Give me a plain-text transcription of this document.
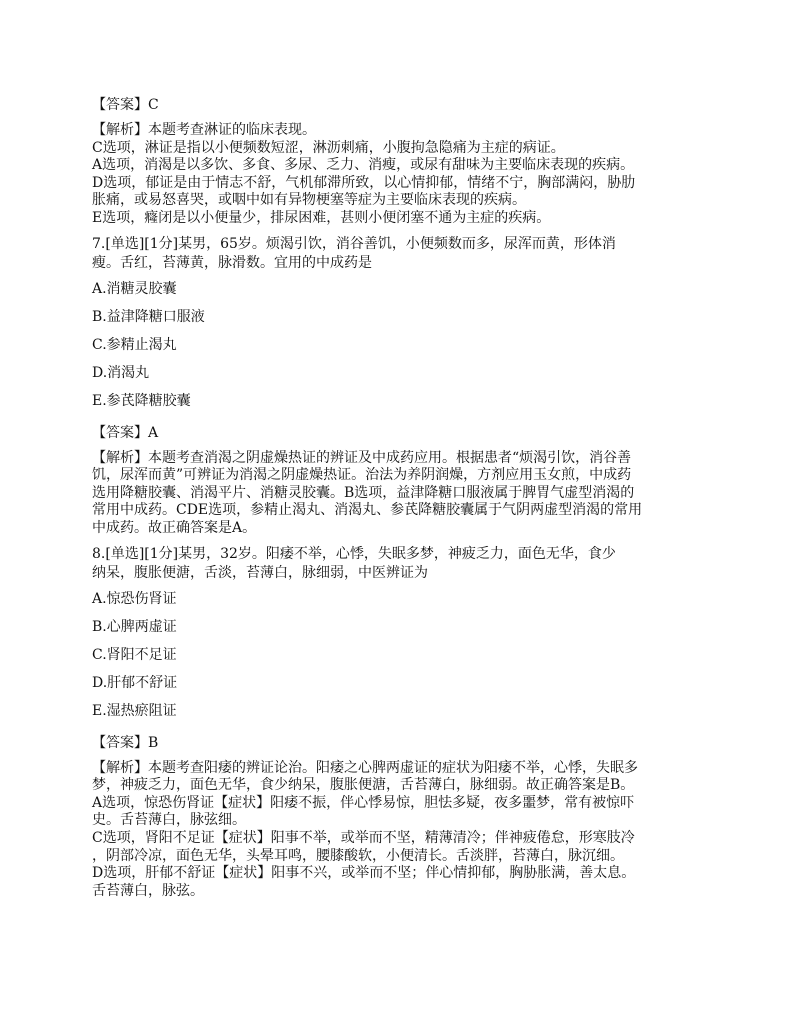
【答案】C
【解析】本题考查淋证的临床表现。
C选项，淋证是指以小便频数短涩，淋沥刺痛，小腹拘急隐痛为主症的病证。
A选项，消渴是以多饮、多食、多尿、乏力、消瘦，或尿有甜味为主要临床表现的疾病。
D选项，郁证是由于情志不舒，气机郁滞所致，以心情抑郁，情绪不宁，胸部满闷，胁肋
胀痛，或易怒喜哭，或咽中如有异物梗塞等症为主要临床表现的疾病。
E选项，癃闭是以小便量少，排尿困难，甚则小便闭塞不通为主症的疾病。
7.[单选][1分]某男，65岁。烦渴引饮，消谷善饥，小便频数而多，尿浑而黄，形体消
瘦。舌红，苔薄黄，脉滑数。宜用的中成药是
A.消糖灵胶囊
B.益津降糖口服液
C.参精止渴丸
D.消渴丸
E.参芪降糖胶囊
【答案】A
【解析】本题考查消渴之阴虚燥热证的辨证及中成药应用。根据患者“烦渴引饮，消谷善
饥，尿浑而黄”可辨证为消渴之阴虚燥热证。治法为养阴润燥，方剂应用玉女煎，中成药
选用降糖胶囊、消渴平片、消糖灵胶囊。B选项，益津降糖口服液属于脾胃气虚型消渴的
常用中成药。CDE选项，参精止渴丸、消渴丸、参芪降糖胶囊属于气阴两虚型消渴的常用
中成药。故正确答案是A。
8.[单选][1分]某男，32岁。阳痿不举，心悸，失眠多梦，神疲乏力，面色无华，食少
纳呆，腹胀便溏，舌淡，苔薄白，脉细弱，中医辨证为
A.惊恐伤肾证
B.心脾两虚证
C.肾阳不足证
D.肝郁不舒证
E.湿热瘀阻证
【答案】B
【解析】本题考查阳痿的辨证论治。阳痿之心脾两虚证的症状为阳痿不举，心悸，失眠多
梦，神疲乏力，面色无华，食少纳呆，腹胀便溏，舌苔薄白，脉细弱。故正确答案是B。
A选项，惊恐伤肾证【症状】阳痿不振，伴心悸易惊，胆怯多疑，夜多噩梦，常有被惊吓
史。舌苔薄白，脉弦细。
C选项，肾阳不足证【症状】阳事不举，或举而不坚，精薄清冷；伴神疲倦怠，形寒肢冷
，阴部冷凉，面色无华，头晕耳鸣，腰膝酸软，小便清长。舌淡胖，苔薄白，脉沉细。
D选项，肝郁不舒证【症状】阳事不兴，或举而不坚；伴心情抑郁，胸胁胀满，善太息。
舌苔薄白，脉弦。
